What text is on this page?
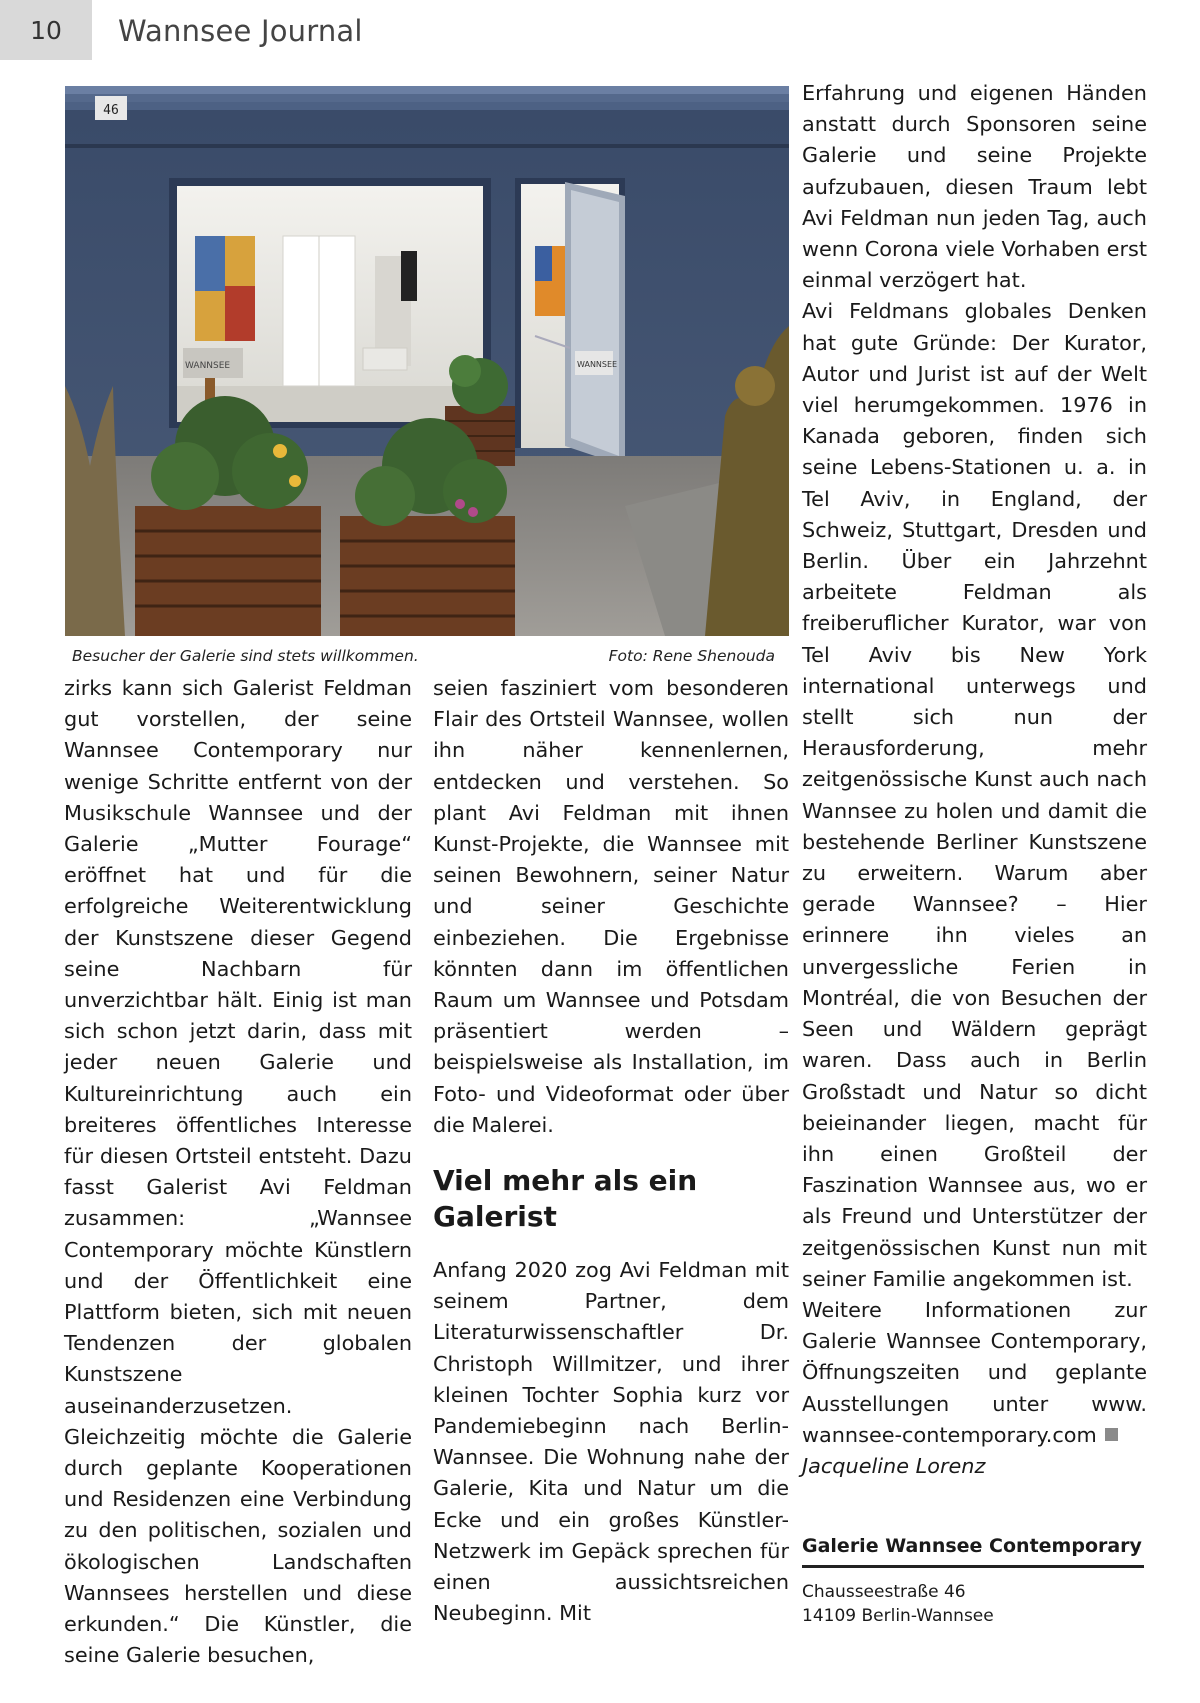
10 Wannsee Journal
46
WANNSEE	WANNSEE
Besucher der Galerie sind stets willkommen.	Foto: Rene Shenouda

zirks kann sich Galerist Feldman gut vorstellen, der seine Wannsee Contemporary nur wenige Schritte entfernt von der Musikschule Wannsee und der Galerie „Mutter Fourage“ eröffnet hat und für die erfolgreiche Weiterentwicklung der Kunstszene dieser Gegend seine Nachbarn für unverzichtbar hält. Einig ist man sich schon jetzt darin, dass mit jeder neuen Galerie und Kultureinrichtung auch ein breiteres öffentliches Interesse für diesen Ortsteil entsteht. Dazu fasst Galerist Avi Feldman zusammen: „Wannsee Contemporary möchte Künstlern und der Öffentlichkeit eine Plattform bieten, sich mit neuen Tendenzen der globalen Kunstszene auseinanderzusetzen. Gleichzeitig möchte die Galerie durch geplante Kooperationen und Residenzen eine Verbindung zu den politischen, sozialen und ökologischen Landschaften Wannsees herstellen und diese erkunden.“ Die Künstler, die seine Galerie besuchen,

seien fasziniert vom besonderen Flair des Ortsteil Wannsee, wollen ihn näher kennenlernen, entdecken und verstehen. So plant Avi Feldman mit ihnen Kunst-Projekte, die Wannsee mit seinen Bewohnern, seiner Natur und seiner Geschichte einbeziehen. Die Ergebnisse könnten dann im öffentlichen Raum um Wannsee und Potsdam präsentiert werden – beispielsweise als Installation, im Foto- und Videoformat oder über die Malerei.

Viel mehr als ein Galerist

Anfang 2020 zog Avi Feldman mit seinem Partner, dem Literaturwissenschaftler Dr. Christoph Willmitzer, und ihrer kleinen Tochter Sophia kurz vor Pandemiebeginn nach Berlin-Wannsee. Die Wohnung nahe der Galerie, Kita und Natur um die Ecke und ein großes Künstler-Netzwerk im Gepäck sprechen für einen aussichtsreichen Neubeginn. Mit

Erfahrung und eigenen Händen anstatt durch Sponsoren seine Galerie und seine Projekte aufzubauen, diesen Traum lebt Avi Feldman nun jeden Tag, auch wenn Corona viele Vorhaben erst einmal verzögert hat.

Avi Feldmans globales Denken hat gute Gründe: Der Kurator, Autor und Jurist ist auf der Welt viel herumgekommen. 1976 in Kanada geboren, finden sich seine Lebens-Stationen u. a. in Tel Aviv, in England, der Schweiz, Stuttgart, Dresden und Berlin. Über ein Jahrzehnt arbeitete Feldman als freiberuflicher Kurator, war von Tel Aviv bis New York international unterwegs und stellt sich nun der Herausforderung, mehr zeitgenössische Kunst auch nach Wannsee zu holen und damit die bestehende Berliner Kunstszene zu erweitern. Warum aber gerade Wannsee? – Hier erinnere ihn vieles an unvergessliche Ferien in Montréal, die von Besuchen der Seen und Wäldern geprägt waren. Dass auch in Berlin Großstadt und Natur so dicht beieinander liegen, macht für ihn einen Großteil der Faszination Wannsee aus, wo er als Freund und Unterstützer der zeitgenössischen Kunst nun mit seiner Familie angekommen ist.

Weitere Informationen zur Galerie Wannsee Contemporary, Öffnungszeiten und geplante Ausstellungen unter www. wannsee-contemporary.com

Jacqueline Lorenz

Galerie Wannsee Contemporary
Chausseestraße 46
14109 Berlin-Wannsee
